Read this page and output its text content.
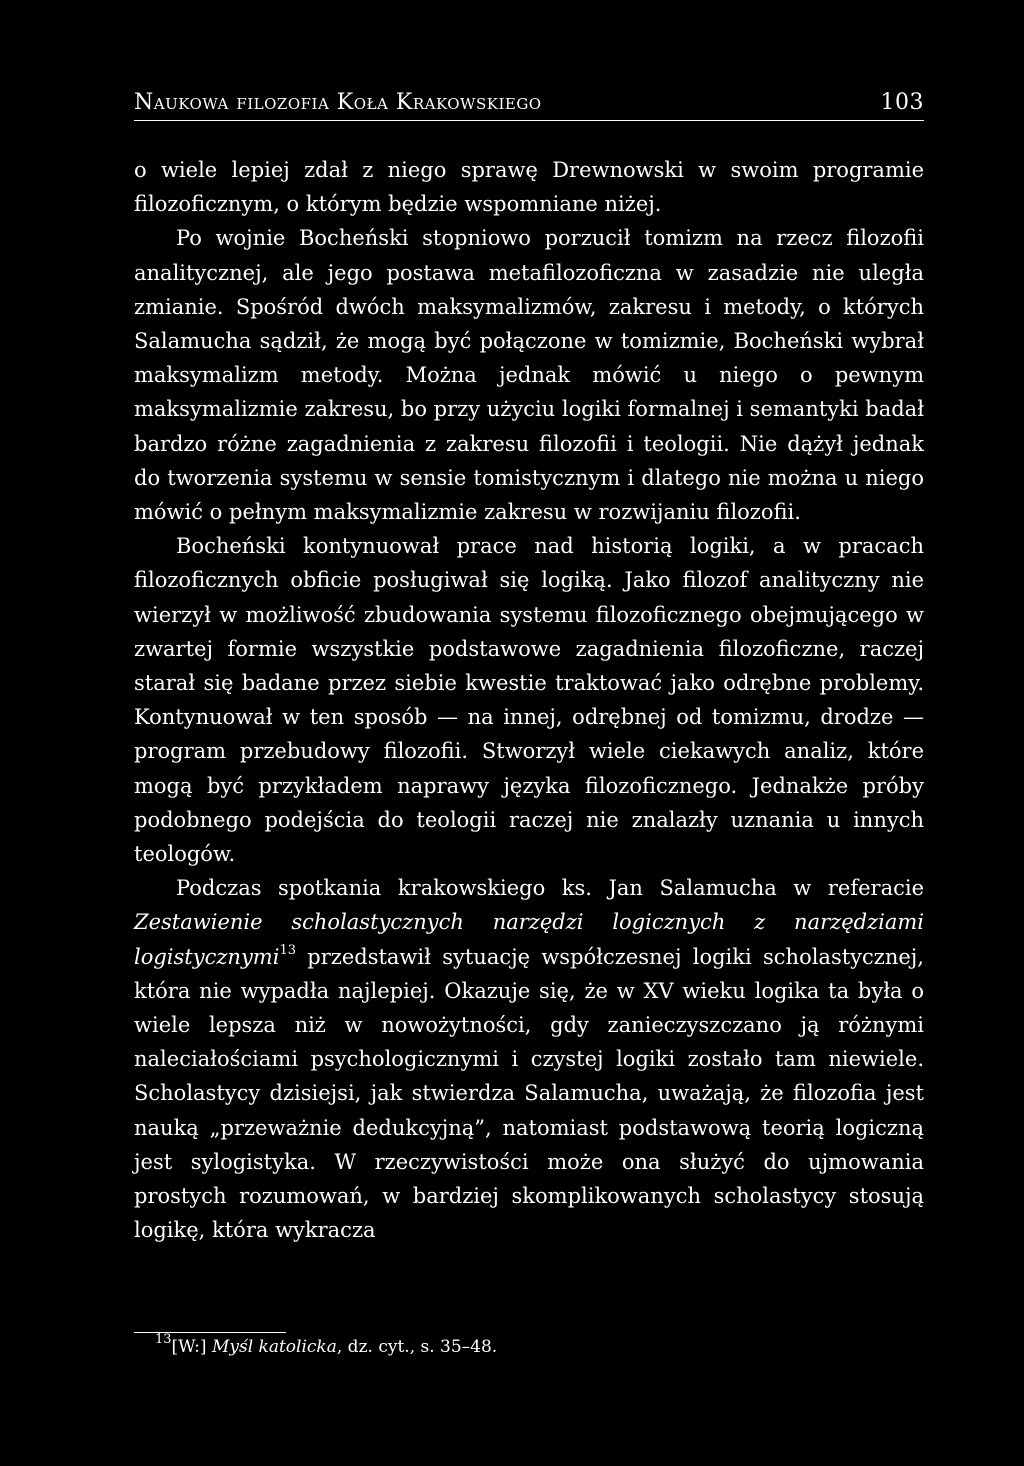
Naukowa filozofia Koła Krakowskiego	103

o wiele lepiej zdał z niego sprawę Drewnowski w swoim programie filozoficznym, o którym będzie wspomniane niżej.

Po wojnie Bocheński stopniowo porzucił tomizm na rzecz filozofii analitycznej, ale jego postawa metafilozoficzna w zasadzie nie uległa zmianie. Spośród dwóch maksymalizmów, zakresu i metody, o których Salamucha sądził, że mogą być połączone w tomizmie, Bocheński wybrał maksymalizm metody. Można jednak mówić u niego o pewnym maksymalizmie zakresu, bo przy użyciu logiki formalnej i semantyki badał bardzo różne zagadnienia z zakresu filozofii i teologii. Nie dążył jednak do tworzenia systemu w sensie tomistycznym i dlatego nie można u niego mówić o pełnym maksymalizmie zakresu w rozwijaniu filozofii.

Bocheński kontynuował prace nad historią logiki, a w pracach filozoficznych obficie posługiwał się logiką. Jako filozof analityczny nie wierzył w możliwość zbudowania systemu filozoficznego obejmującego w zwartej formie wszystkie podstawowe zagadnienia filozoficzne, raczej starał się badane przez siebie kwestie traktować jako odrębne problemy. Kontynuował w ten sposób — na innej, odrębnej od tomizmu, drodze — program przebudowy filozofii. Stworzył wiele ciekawych analiz, które mogą być przykładem naprawy języka filozoficznego. Jednakże próby podobnego podejścia do teologii raczej nie znalazły uznania u innych teologów.

Podczas spotkania krakowskiego ks. Jan Salamucha w referacie Zestawienie scholastycznych narzędzi logicznych z narzędziami logistycznymi$^{13}$ przedstawił sytuację współczesnej logiki scholastycznej, która nie wypadła najlepiej. Okazuje się, że w XV wieku logika ta była o wiele lepsza niż w nowożytności, gdy zanieczyszczano ją różnymi naleciałościami psychologicznymi i czystej logiki zostało tam niewiele. Scholastycy dzisiejsi, jak stwierdza Salamucha, uważają, że filozofia jest nauką „przeważnie dedukcyjną”, natomiast podstawową teorią logiczną jest sylogistyka. W rzeczywistości może ona służyć do ujmowania prostych rozumowań, w bardziej skomplikowanych scholastycy stosują logikę, która wykracza

$^{13}$[W:] Myśl katolicka, dz. cyt., s. 35–48.
